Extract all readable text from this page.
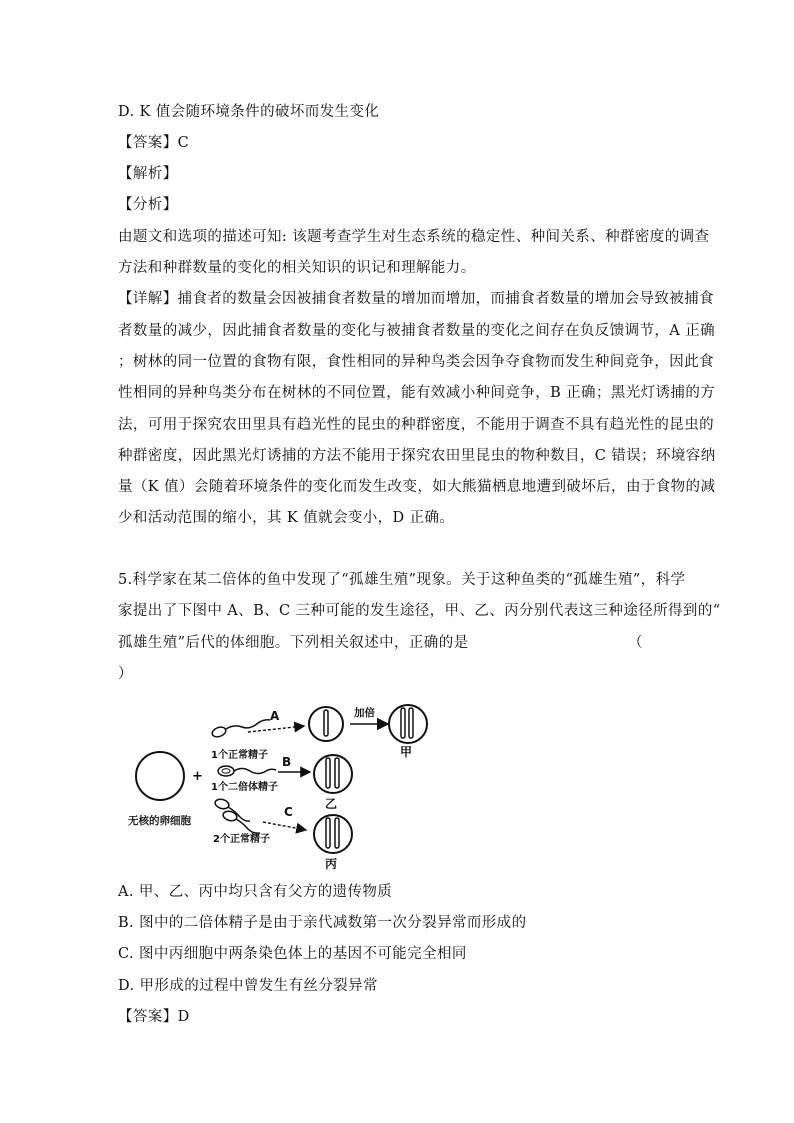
D. K 值会随环境条件的破坏而发生变化
【答案】C
【解析】
【分析】
由题文和选项的描述可知: 该题考查学生对生态系统的稳定性、种间关系、种群密度的调查
方法和种群数量的变化的相关知识的识记和理解能力。
【详解】捕食者的数量会因被捕食者数量的增加而增加，而捕食者数量的增加会导致被捕食
者数量的减少，因此捕食者数量的变化与被捕食者数量的变化之间存在负反馈调节，A 正确
；树林的同一位置的食物有限，食性相同的异种鸟类会因争夺食物而发生种间竞争，因此食
性相同的异种鸟类分布在树林的不同位置，能有效减小种间竞争，B 正确；黑光灯诱捕的方
法，可用于探究农田里具有趋光性的昆虫的种群密度，不能用于调查不具有趋光性的昆虫的
种群密度，因此黑光灯诱捕的方法不能用于探究农田里昆虫的物种数目，C 错误；环境容纳
量（K 值）会随着环境条件的变化而发生改变，如大熊猫栖息地遭到破坏后，由于食物的减
少和活动范围的缩小，其 K 值就会变小，D 正确。
5.科学家在某二倍体的鱼中发现了“孤雄生殖”现象。关于这种鱼类的“孤雄生殖”，科学
家提出了下图中 A、B、C 三种可能的发生途径，甲、乙、丙分别代表这三种途径所得到的“
孤雄生殖”后代的体细胞。下列相关叙述中，正确的是	（
）
无核的卵细胞
+
1个正常精子
1个二倍体精子
2个正常精子
A
B
C
加倍
甲
乙
丙
A. 甲、乙、丙中均只含有父方的遗传物质
B. 图中的二倍体精子是由于亲代减数第一次分裂异常而形成的
C. 图中丙细胞中两条染色体上的基因不可能完全相同
D. 甲形成的过程中曾发生有丝分裂异常
【答案】D
